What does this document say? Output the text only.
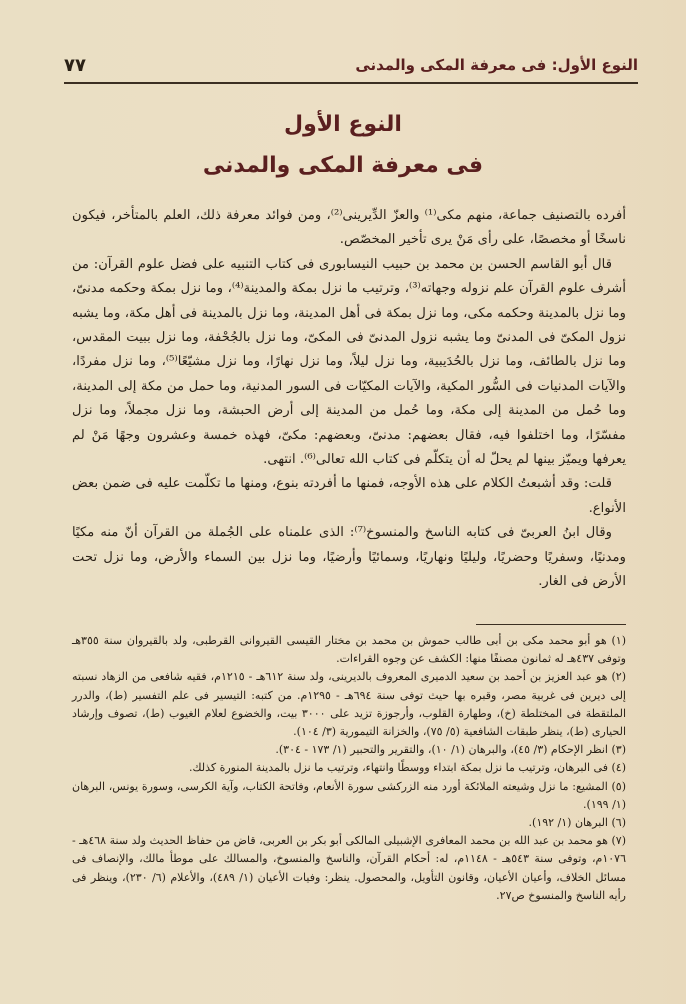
النوع الأول: فى معرفة المكى والمدنى
٧٧
النوع الأول
فى معرفة المكى والمدنى

أفرده بالتصنيف جماعة، منهم مكى⁽¹⁾ والعزّ الدِّيرينى⁽²⁾، ومن فوائد معرفة ذلك، العلم بالمتأخر، فيكون ناسخًا أو مخصصًا، على رأى مَنْ يرى تأخير المخصّص.

قال أبو القاسم الحسن بن محمد بن حبيب النيسابورى فى كتاب التنبيه على فضل علوم القرآن: من أشرف علوم القرآن علم نزوله وجهاته⁽³⁾، وترتيب ما نزل بمكة والمدينة⁽⁴⁾، وما نزل بمكة وحكمه مدنىّ، وما نزل بالمدينة وحكمه مكى، وما نزل بمكة فى أهل المدينة، وما نزل بالمدينة فى أهل مكة، وما يشبه نزول المكىّ فى المدنىّ وما يشبه نزول المدنىّ فى المكىّ، وما نزل بالجُحْفة، وما نزل ببيت المقدس، وما نزل بالطائف، وما نزل بالحُدَيبية، وما نزل ليلاً، وما نزل نهارًا، وما نزل مشيّعًا⁽⁵⁾، وما نزل مفردًا، والآيات المدنيات فى السُّور المكية، والآيات المكيّات فى السور المدنية، وما حمل من مكة إلى المدينة، وما حُمل من المدينة إلى مكة، وما حُمل من المدينة إلى أرض الحبشة، وما نزل مجملاً، وما نزل مفسّرًا، وما اختلفوا فيه، فقال بعضهم: مدنىّ، وبعضهم: مكىّ، فهذه خمسة وعشرون وجهًا مَنْ لم يعرفها ويميّز بينها لم يحلّ له أن يتكلّم فى كتاب الله تعالى⁽⁶⁾. انتهى.

قلت: وقد أشبعتُ الكلام على هذه الأوجه، فمنها ما أفردته بنوع، ومنها ما تكلّمت عليه فى ضمن بعض الأنواع.

وقال ابنُ العربىّ فى كتابه الناسخ والمنسوخ⁽⁷⁾: الذى علمناه على الجُملة من القرآن أنّ منه مكيًا ومدنيًا، وسفريًا وحضريًا، وليليًا ونهاريًا، وسمائيًا وأرضيًا، وما نزل بين السماء والأرض، وما نزل تحت الأرض فى الغار.

(١) هو أبو محمد مكى بن أبى طالب حموش بن محمد بن مختار القيسى القيروانى القرطبى، ولد بالقيروان سنة ٣٥٥هـ وتوفى ٤٣٧هـ له ثمانون مصنفًا منها: الكشف عن وجوه القراءات.

(٢) هو عبد العزيز بن أحمد بن سعيد الدميرى المعروف بالديرينى، ولد سنة ٦١٢هـ - ١٢١٥م، فقيه شافعى من الزهاد نسبته إلى ديرين فى غربية مصر، وقبره بها حيث توفى سنة ٦٩٤هـ - ١٢٩٥م. من كتبه: التيسير فى علم التفسير (ط)، والدرر الملتقطة فى المختلطة (خ)، وطهارة القلوب، وأرجوزة تزيد على ٣٠٠٠ بيت، والخضوع لعلام الغيوب (ط)، تصوف وإرشاد الحيارى (ط)، ينظر طبقات الشافعية (٥/ ٧٥)، والخزانة التيمورية (٣/ ١٠٤).

(٣) انظر الإحكام (٣/ ٤٥)، والبرهان (١/ ١٠)، والتقرير والتحبير (١/ ١٧٣ - ٣٠٤).

(٤) فى البرهان، وترتيب ما نزل بمكة ابتداء ووسطًا وانتهاء، وترتيب ما نزل بالمدينة المنورة كذلك.

(٥) المشيع: ما نزل وشيعته الملائكة أورد منه الزركشى سورة الأنعام، وفاتحة الكتاب، وآية الكرسى، وسورة يونس، البرهان (١/ ١٩٩).

(٦) البرهان (١/ ١٩٢).

(٧) هو محمد بن عبد الله بن محمد المعافرى الإشبيلى المالكى أبو بكر بن العربى، قاض من حفاظ الحديث ولد سنة ٤٦٨هـ - ١٠٧٦م، وتوفى سنة ٥٤٣هـ - ١١٤٨م، له: أحكام القرآن، والناسخ والمنسوخ، والمسالك على موطأ مالك، والإنصاف فى مسائل الخلاف، وأعيان الأعيان، وقانون التأويل، والمحصول. ينظر: وفيات الأعيان (١/ ٤٨٩)، والأعلام (٦/ ٢٣٠)، وينظر فى رأيه الناسخ والمنسوخ ص٢٧.
